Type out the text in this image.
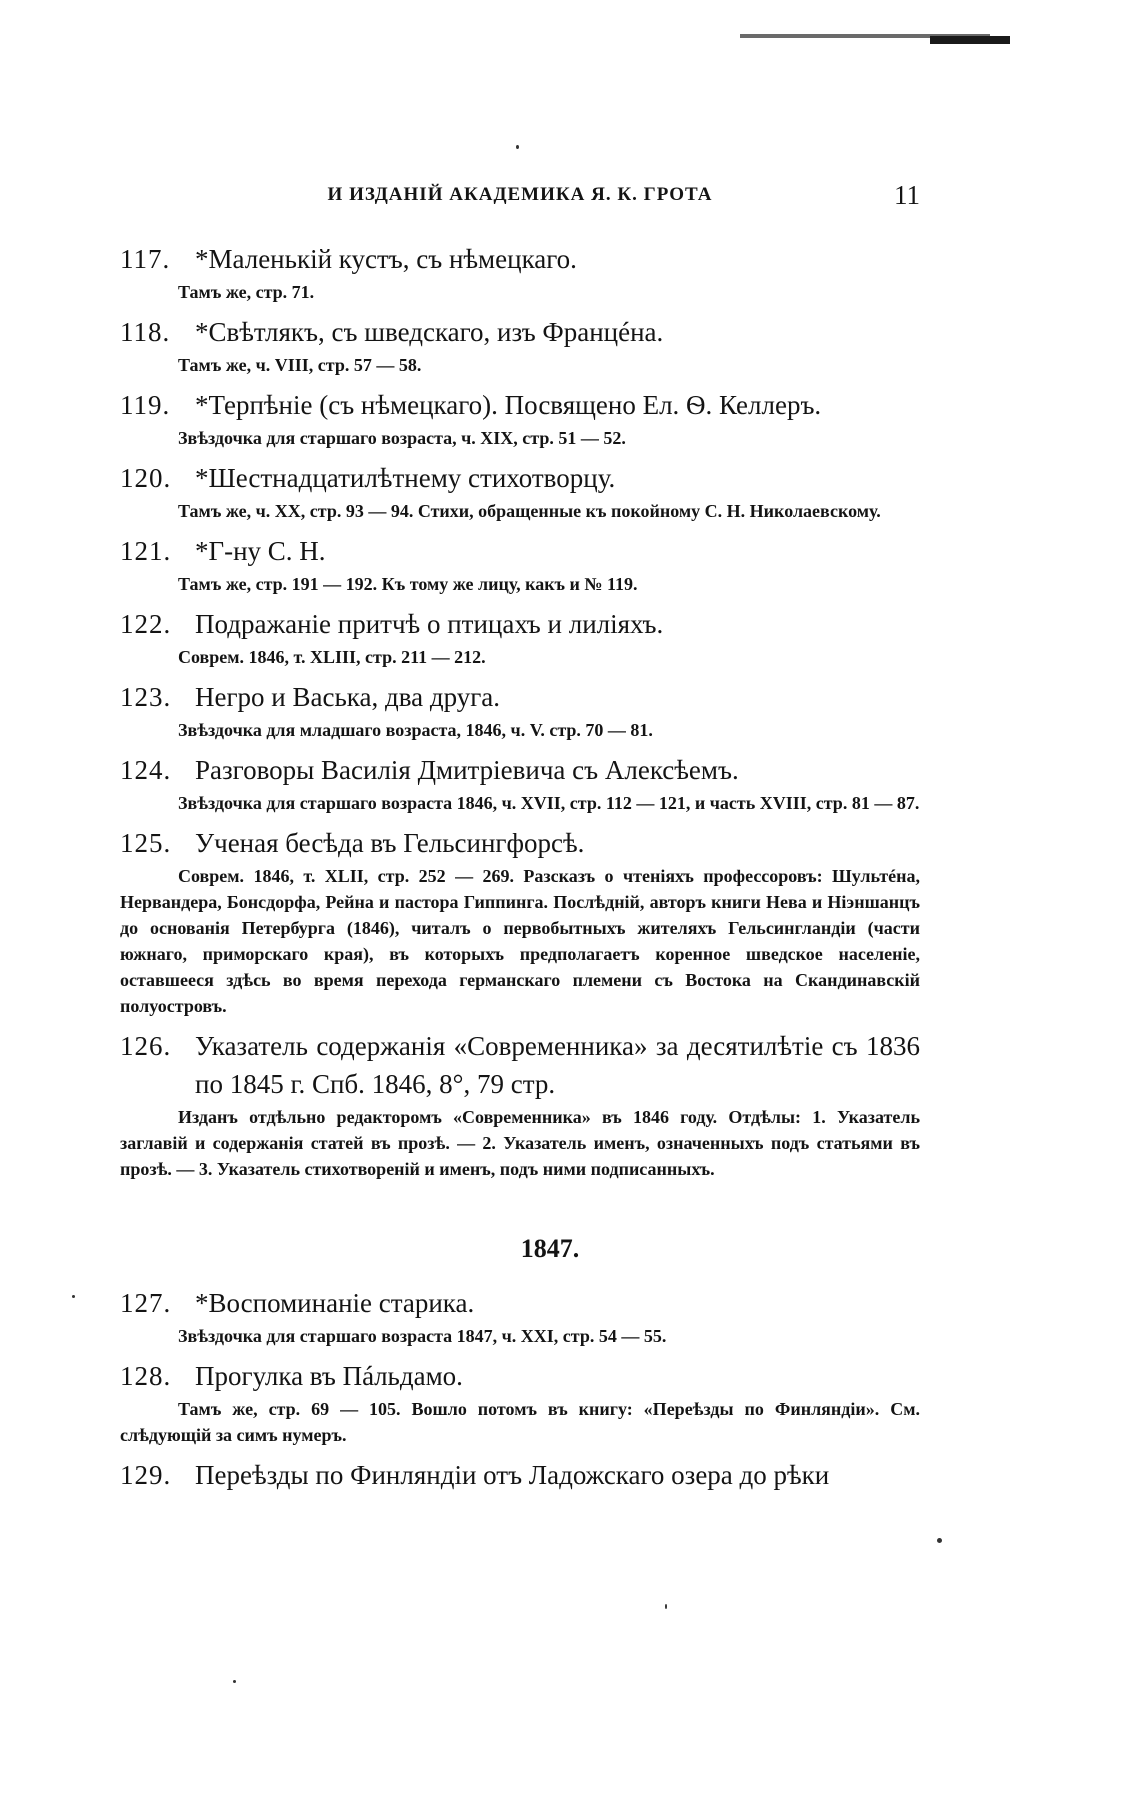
И ИЗДАНIЙ АКАДЕМИКА Я. К. ГРОТА	11
117. *Маленькiй кустъ, съ нѣмецкаго.
Тамъ же, стр. 71.
118. *Свѣтлякъ, съ шведскаго, изъ Францéна.
Тамъ же, ч. VIII, стр. 57 — 58.
119. *Терпѣнiе (съ нѣмецкаго). Посвящено Ел. Ѳ. Келлеръ.
Звѣздочка для старшаго возраста, ч. XIX, стр. 51 — 52.
120. *Шестнадцатилѣтнему стихотворцу.
Тамъ же, ч. XX, стр. 93 — 94. Стихи, обращенные къ покойному С. Н. Николаевскому.
121. *Г-ну С. Н.
Тамъ же, стр. 191 — 192. Къ тому же лицу, какъ и № 119.
122. Подражанiе притчѣ о птицахъ и лилiяхъ.
Соврем. 1846, т. XLIII, стр. 211 — 212.
123. Негро и Васька, два друга.
Звѣздочка для младшаго возраста, 1846, ч. V. стр. 70 — 81.
124. Разговоры Василiя Дмитрiевича съ Алексѣемъ.
Звѣздочка для старшаго возраста 1846, ч. XVII, стр. 112 — 121, и часть XVIII, стр. 81 — 87.
125. Ученая бесѣда въ Гельсингфорсѣ.
Соврем. 1846, т. XLII, стр. 252 — 269. Разсказъ о чтенiяхъ профессоровъ: Шультéна, Нервандера, Бонсдорфа, Рейна и пастора Гиппинга. Послѣднiй, авторъ книги Нева и Нiэншанцъ до основанiя Петербурга (1846), читалъ о первобытныхъ жителяхъ Гельсингландiи (части южнаго, приморскаго края), въ которыхъ предполагаетъ коренное шведское населенiе, оставшееся здѣсь во время перехода германскаго племени съ Востока на Скандинавскiй полуостровъ.
126. Указатель содержанiя «Современника» за десятилѣтiе съ 1836 по 1845 г. Спб. 1846, 8°, 79 стр.
Изданъ отдѣльно редакторомъ «Современника» въ 1846 году. Отдѣлы: 1. Указатель заглавiй и содержанiя статей въ прозѣ. — 2. Указатель именъ, означенныхъ подъ статьями въ прозѣ. — 3. Указатель стихотворенiй и именъ, подъ ними подписанныхъ.
1847.
127. *Воспоминанiе старика.
Звѣздочка для старшаго возраста 1847, ч. XXI, стр. 54 — 55.
128. Прогулка въ Пáльдамо.
Тамъ же, стр. 69 — 105. Вошло потомъ въ книгу: «Переѣзды по Финляндiи». См. слѣдующiй за симъ нумеръ.
129. Переѣзды по Финляндiи отъ Ладожскаго озера до рѣки
